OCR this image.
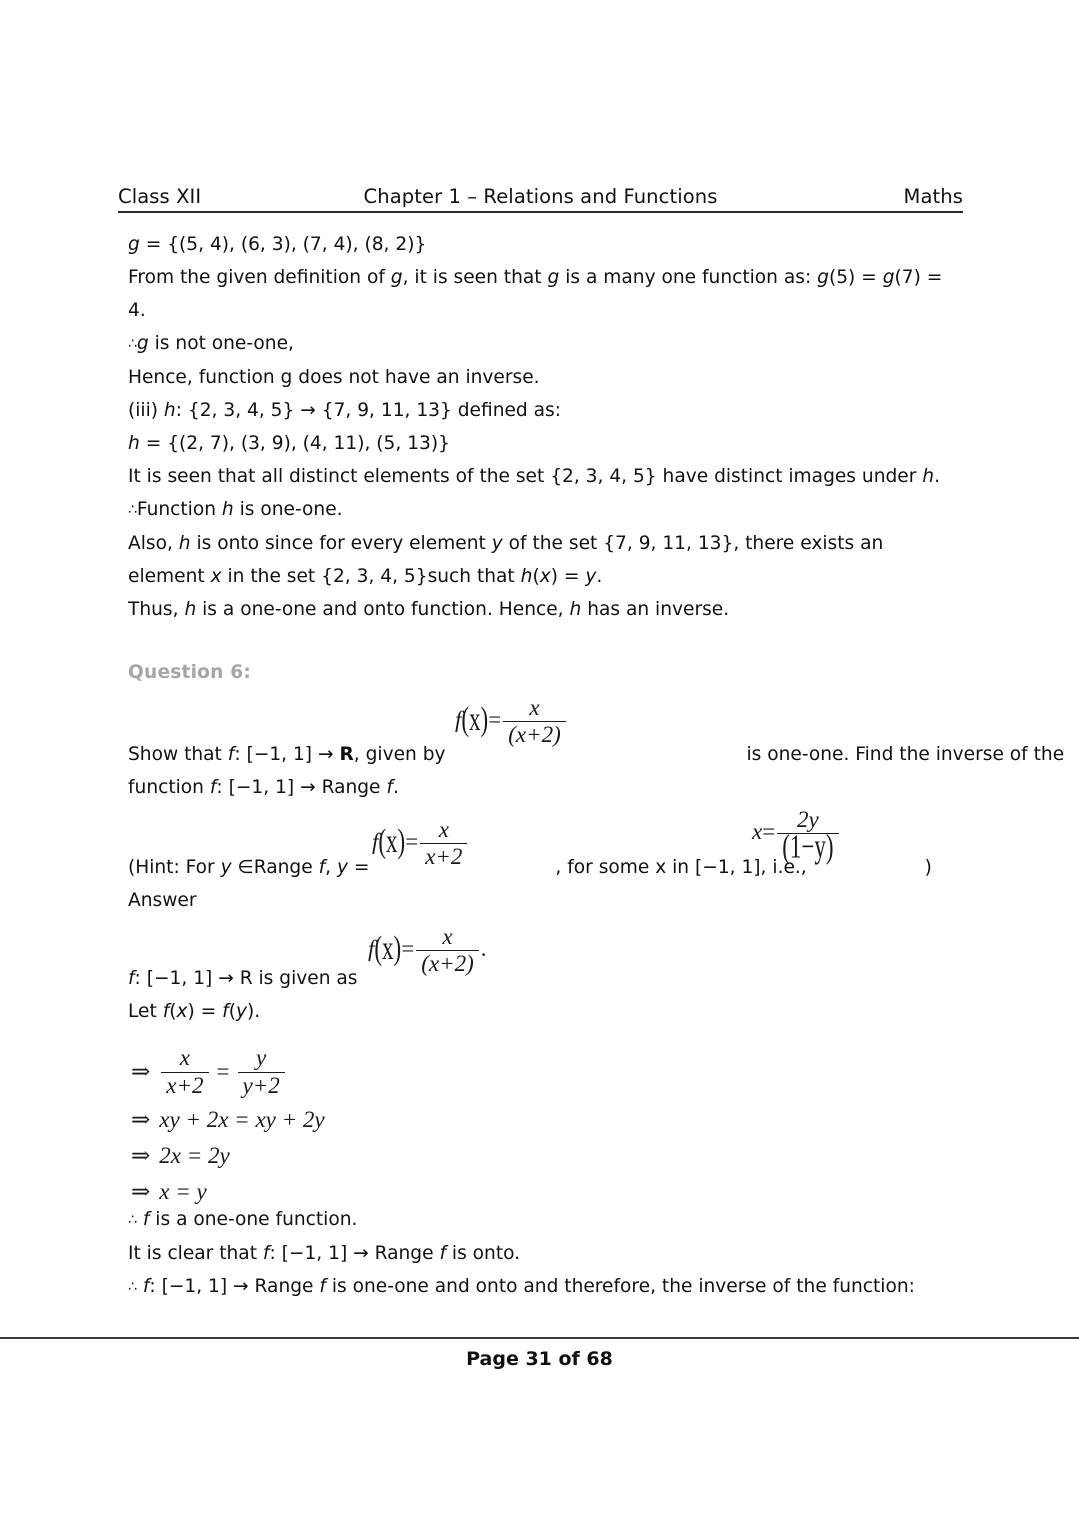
Class XII	Chapter 1 – Relations and Functions	Maths
g = {(5, 4), (6, 3), (7, 4), (8, 2)}
From the given definition of g, it is seen that g is a many one function as: g(5) = g(7) =
4.
∴g is not one-one,
Hence, function g does not have an inverse.
(iii) h: {2, 3, 4, 5} → {7, 9, 11, 13} defined as:
h = {(2, 7), (3, 9), (4, 11), (5, 13)}
It is seen that all distinct elements of the set {2, 3, 4, 5} have distinct images under h.
∴Function h is one-one.
Also, h is onto since for every element y of the set {7, 9, 11, 13}, there exists an
element x in the set {2, 3, 4, 5}such that h(x) = y.
Thus, h is a one-one and onto function. Hence, h has an inverse.
Question 6:
$f(x)= \frac{x}{(x+2)}$
Show that f: [−1, 1] → R, given by	is one-one. Find the inverse of the
function f: [−1, 1] → Range f.
$f(x)= \frac{x}{x+2}$	$x= \frac{2y}{(1-y)}$
(Hint: For y ∈Range f, y =	, for some x in [−1, 1], i.e.,	)
Answer
$f(x)= \frac{x}{(x+2)}$ .
f: [−1, 1] → R is given as
Let f(x) = f(y).
⇒ $\frac{x}{x+2} = \frac{y}{y+2}$
⇒ xy + 2x = xy + 2y
⇒ 2x = 2y
⇒ x = y
∴ f is a one-one function.
It is clear that f: [−1, 1] → Range f is onto.
∴ f: [−1, 1] → Range f is one-one and onto and therefore, the inverse of the function:
Page 31 of 68
